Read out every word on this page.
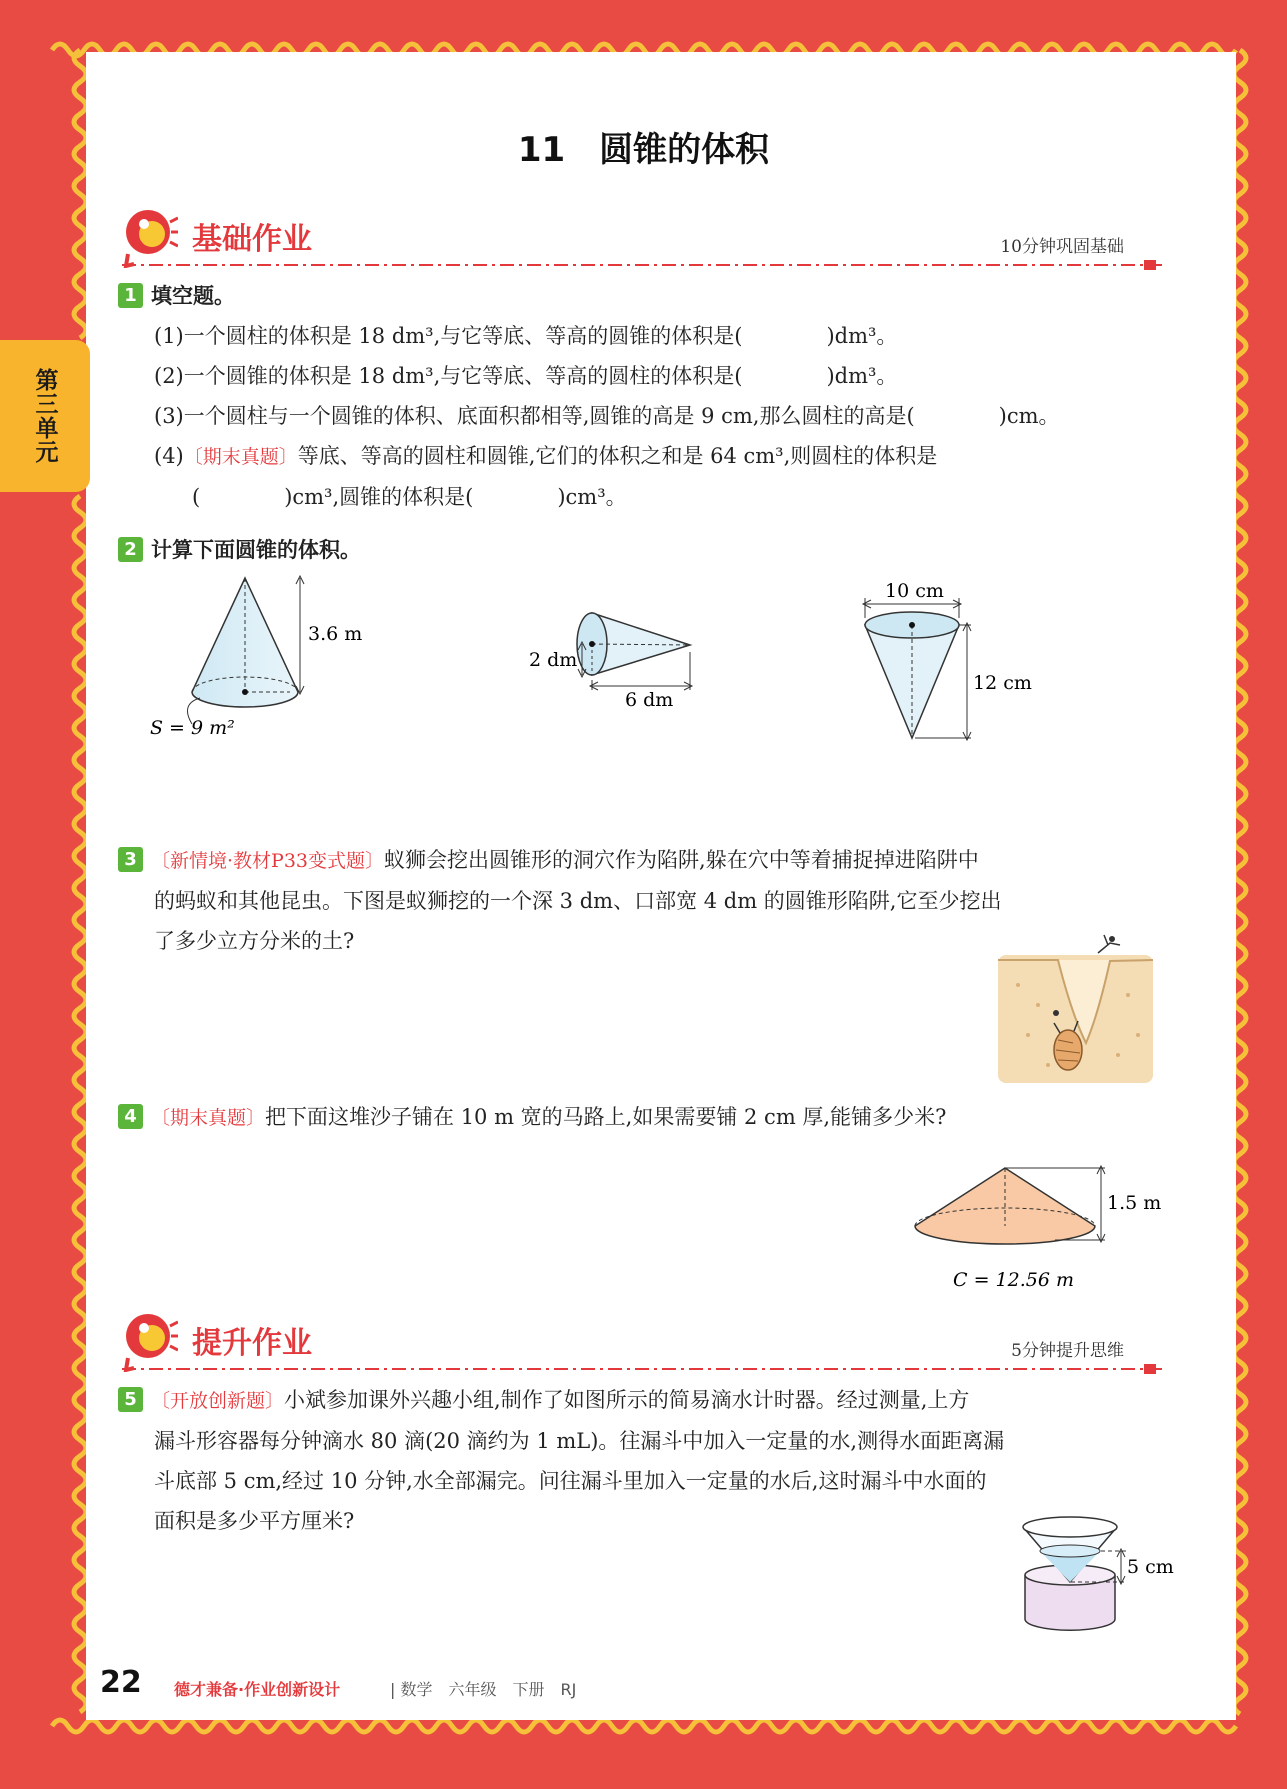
第三单元
11　圆锥的体积
基础作业	10分钟巩固基础
1 填空题。
(1)一个圆柱的体积是 18 dm³,与它等底、等高的圆锥的体积是(　　　　)dm³。
(2)一个圆锥的体积是 18 dm³,与它等底、等高的圆柱的体积是(　　　　)dm³。
(3)一个圆柱与一个圆锥的体积、底面积都相等,圆锥的高是 9 cm,那么圆柱的高是(　　　　)cm。
(4)〔期末真题〕等底、等高的圆柱和圆锥,它们的体积之和是 64 cm³,则圆柱的体积是
(　　　　)cm³,圆锥的体积是(　　　　)cm³。
2 计算下面圆锥的体积。
3.6 m
S = 9 m²
2 dm
6 dm
10 cm
12 cm
3 〔新情境·教材P33变式题〕蚁狮会挖出圆锥形的洞穴作为陷阱,躲在穴中等着捕捉掉进陷阱中
的蚂蚁和其他昆虫。下图是蚁狮挖的一个深 3 dm、口部宽 4 dm 的圆锥形陷阱,它至少挖出
了多少立方分米的土?
4 〔期末真题〕把下面这堆沙子铺在 10 m 宽的马路上,如果需要铺 2 cm 厚,能铺多少米?
1.5 m
C = 12.56 m
提升作业	5分钟提升思维
5 〔开放创新题〕小斌参加课外兴趣小组,制作了如图所示的简易滴水计时器。经过测量,上方
漏斗形容器每分钟滴水 80 滴(20 滴约为 1 mL)。往漏斗中加入一定量的水,测得水面距离漏
斗底部 5 cm,经过 10 分钟,水全部漏完。问往漏斗里加入一定量的水后,这时漏斗中水面的
面积是多少平方厘米?
5 cm
22 德才兼备·作业创新设计	| 数学　六年级　下册　RJ
